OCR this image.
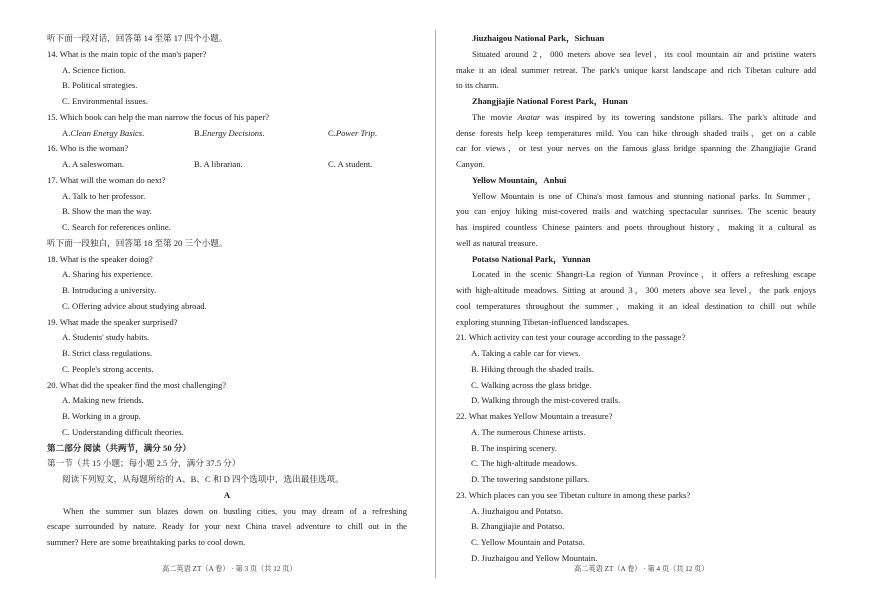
听下面一段对话，回答第 14 至第 17 四个小题。
14. What is the main topic of the man's paper?
A. Science fiction.
B. Political strategies.
C. Environmental issues.
15. Which book can help the man narrow the focus of his paper?
A.Clean Energy Basics.	B.Energy Decisions.	C.Power Trip.
16. Who is the woman?
A. A saleswoman.	B. A librarian.	C. A student.
17. What will the woman do next?
A. Talk to her professor.
B. Show the man the way.
C. Search for references online.
听下面一段独白，回答第 18 至第 20 三个小题。
18. What is the speaker doing?
A. Sharing his experience.
B. Introducing a university.
C. Offering advice about studying abroad.
19. What made the speaker surprised?
A. Students' study habits.
B. Strict class regulations.
C. People's strong accents.
20. What did the speaker find the most challenging?
A. Making new friends.
B. Working in a group.
C. Understanding difficult theories.
第二部分 阅读（共两节，满分 50 分）
第一节（共 15 小题；每小题 2.5 分，满分 37.5 分）
阅读下列短文，从每题所给的 A、B、C 和 D 四个选项中，选出最佳选项。
A
When the summer sun blazes down on bustling cities, you may dream of a refreshing
escape surrounded by nature. Ready for your next China travel adventure to chill out in the
summer? Here are some breathtaking parks to cool down.
Jiuzhaigou National Park，Sichuan
Situated around 2，000 meters above sea level，its cool mountain air and pristine waters
make it an ideal summer retreat. The park's unique karst landscape and rich Tibetan culture add
to its charm.
Zhangjiajie National Forest Park，Hunan
The movie Avatar was inspired by its towering sandstone pillars. The park's altitude and
dense forests help keep temperatures mild. You can hike through shaded trails，get on a cable
car for views，or test your nerves on the famous glass bridge spanning the Zhangjiajie Grand
Canyon.
Yellow Mountain，Anhui
Yellow Mountain is one of China's most famous and stunning national parks. In Summer，
you can enjoy hiking mist-covered trails and watching spectacular sunrises. The scenic beauty
has inspired countless Chinese painters and poets throughout history，making it a cultural as
well as natural treasure.
Potatso National Park，Yunnan
Located in the scenic Shangri-La region of Yunnan Province，it offers a refreshing escape
with high-altitude meadows. Sitting at around 3，300 meters above sea level，the park enjoys
cool temperatures throughout the summer，making it an ideal destination to chill out while
exploring stunning Tibetan-influenced landscapes.
21. Which activity can test your courage according to the passage?
A. Taking a cable car for views.
B. Hiking through the shaded trails.
C. Walking across the glass bridge.
D. Walking through the mist-covered trails.
22. What makes Yellow Mountain a treasure?
A. The numerous Chinese artists.
B. The inspiring scenery.
C. The high-altitude meadows.
D. The towering sandstone pillars.
23. Which places can you see Tibetan culture in among these parks?
A. Jiuzhaigou and Potatso.
B. Zhangjiajie and Potatso.
C. Yellow Mountain and Potatso.
D. Jiuzhaigou and Yellow Mountain.
高二英语 ZT（A 卷） · 第 3 页（共 12 页）	高二英语 ZT（A 卷） · 第 4 页（共 12 页）
